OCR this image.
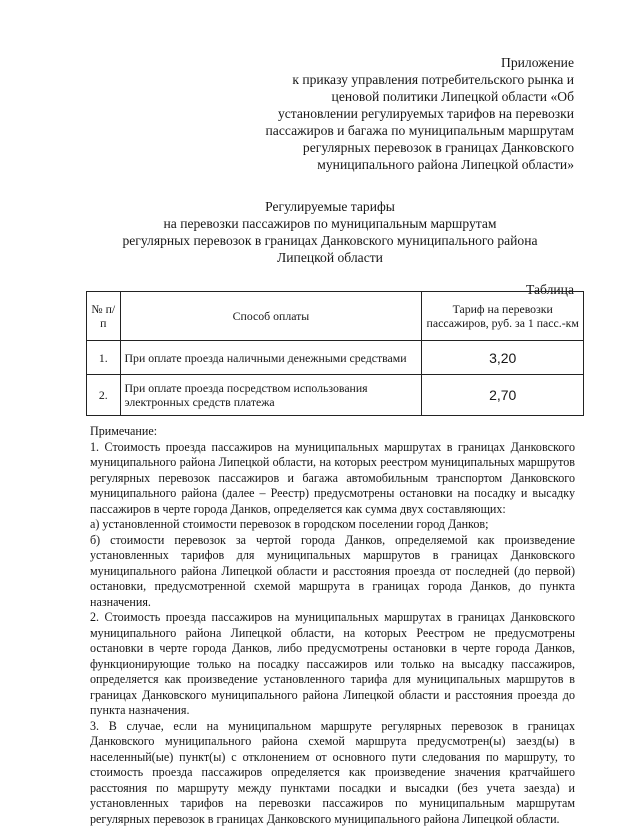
Приложение
к приказу управления потребительского рынка и
ценовой политики Липецкой области «Об
установлении регулируемых тарифов на перевозки
пассажиров и багажа по муниципальным маршрутам
регулярных перевозок в границах Данковского
муниципального района Липецкой области»
Регулируемые тарифы
на перевозки пассажиров по муниципальным маршрутам
регулярных перевозок в границах Данковского муниципального района
Липецкой области
Таблица
№ п/п	Способ оплаты	Тариф на перевозки пассажиров, руб. за 1 пасс.-км
1.	При оплате проезда наличными денежными средствами	3,20
2.	При оплате проезда посредством использования электронных средств платежа	2,70

Примечание:

1. Стоимость проезда пассажиров на муниципальных маршрутах в границах Данковского муниципального района Липецкой области, на которых реестром муниципальных маршрутов регулярных перевозок пассажиров и багажа автомобильным транспортом Данковского муниципального района (далее – Реестр) предусмотрены остановки на посадку и высадку пассажиров в черте города Данков, определяется как сумма двух составляющих:

а) установленной стоимости перевозок в городском поселении город Данков;

б) стоимости перевозок за чертой города Данков, определяемой как произведение установленных тарифов для муниципальных маршрутов в границах Данковского муниципального района Липецкой области и расстояния проезда от последней (до первой) остановки, предусмотренной схемой маршрута в границах города Данков, до пункта назначения.

2. Стоимость проезда пассажиров на муниципальных маршрутах в границах Данковского муниципального района Липецкой области, на которых Реестром не предусмотрены остановки в черте города Данков, либо предусмотрены остановки в черте города Данков, функционирующие только на посадку пассажиров или только на высадку пассажиров, определяется как произведение установленного тарифа для муниципальных маршрутов в границах Данковского муниципального района Липецкой области и расстояния проезда до пункта назначения.

3. В случае, если на муниципальном маршруте регулярных перевозок в границах Данковского муниципального района схемой маршрута предусмотрен(ы) заезд(ы) в населенный(ые) пункт(ы) с отклонением от основного пути следования по маршруту, то стоимость проезда пассажиров определяется как произведение значения кратчайшего расстояния по маршруту между пунктами посадки и высадки (без учета заезда) и установленных тарифов на перевозки пассажиров по муниципальным маршрутам регулярных перевозок в границах Данковского муниципального района Липецкой области.
